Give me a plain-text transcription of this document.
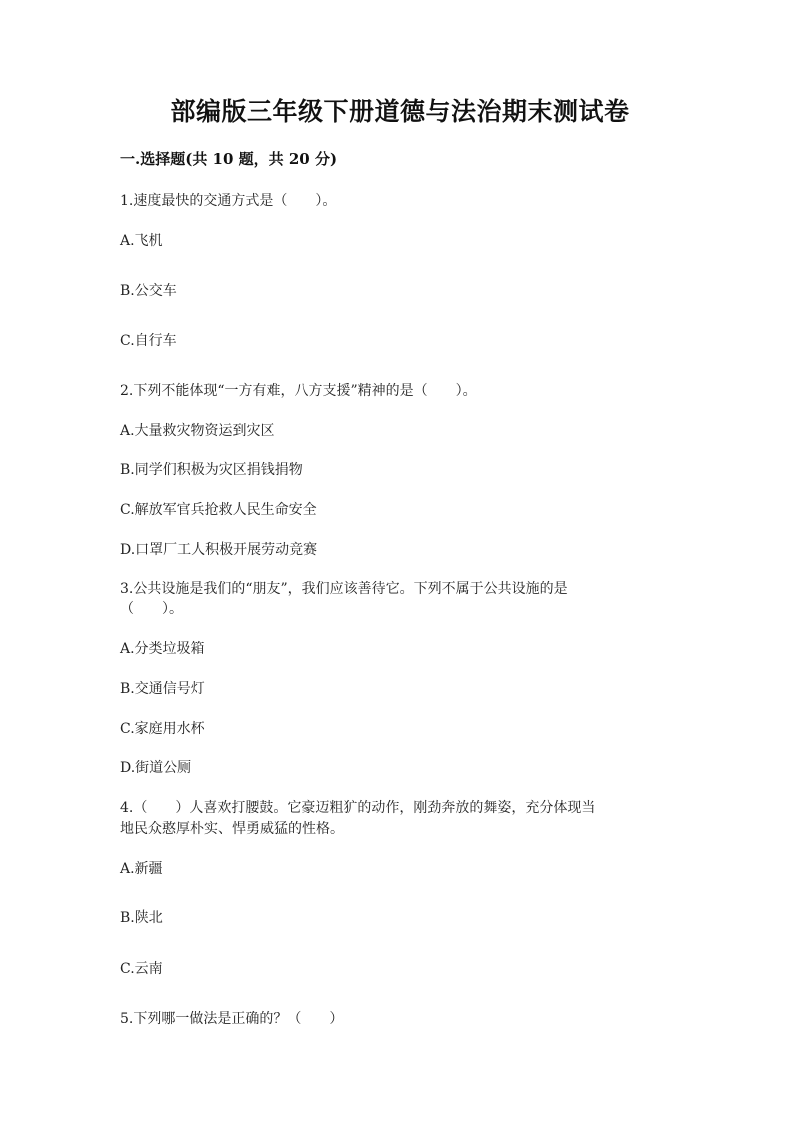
部编版三年级下册道德与法治期末测试卷
一.选择题(共 10 题，共 20 分)
1.速度最快的交通方式是（　　）。
A.飞机
B.公交车
C.自行车
2.下列不能体现“一方有难，八方支援”精神的是（　　）。
A.大量救灾物资运到灾区
B.同学们积极为灾区捐钱捐物
C.解放军官兵抢救人民生命安全
D.口罩厂工人积极开展劳动竞赛
3.公共设施是我们的“朋友”，我们应该善待它。下列不属于公共设施的是
（　　）。
A.分类垃圾箱
B.交通信号灯
C.家庭用水杯
D.街道公厕
4.（　　）人喜欢打腰鼓。它豪迈粗犷的动作，刚劲奔放的舞姿，充分体现当
地民众憨厚朴实、悍勇威猛的性格。
A.新疆
B.陕北
C.云南
5.下列哪一做法是正确的？（　　）
